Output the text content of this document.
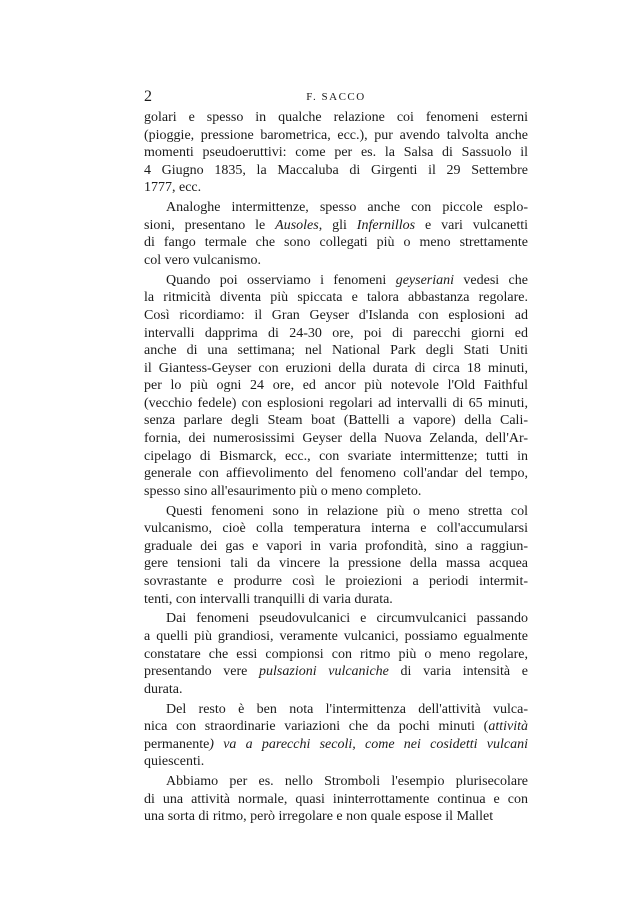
2	F. SACCO
golari e spesso in qualche relazione coi fenomeni esterni
(pioggie, pressione barometrica, ecc.), pur avendo talvolta anche
momenti pseudoeruttivi: come per es. la Salsa di Sassuolo il
4 Giugno 1835, la Maccaluba di Girgenti il 29 Settembre
1777, ecc.
Analoghe intermittenze, spesso anche con piccole esplo-
sioni, presentano le Ausoles, gli Infernillos e vari vulcanetti
di fango termale che sono collegati più o meno strettamente
col vero vulcanismo.
Quando poi osserviamo i fenomeni geyseriani vedesi che
la ritmicità diventa più spiccata e talora abbastanza regolare.
Così ricordiamo: il Gran Geyser d'Islanda con esplosioni ad
intervalli dapprima di 24-30 ore, poi di parecchi giorni ed
anche di una settimana; nel National Park degli Stati Uniti
il Giantess-Geyser con eruzioni della durata di circa 18 minuti,
per lo più ogni 24 ore, ed ancor più notevole l'Old Faithful
(vecchio fedele) con esplosioni regolari ad intervalli di 65 minuti,
senza parlare degli Steam boat (Battelli a vapore) della Cali-
fornia, dei numerosissimi Geyser della Nuova Zelanda, dell'Ar-
cipelago di Bismarck, ecc., con svariate intermittenze; tutti in
generale con affievolimento del fenomeno coll'andar del tempo,
spesso sino all'esaurimento più o meno completo.
Questi fenomeni sono in relazione più o meno stretta col
vulcanismo, cioè colla temperatura interna e coll'accumularsi
graduale dei gas e vapori in varia profondità, sino a raggiun-
gere tensioni tali da vincere la pressione della massa acquea
sovrastante e produrre così le proiezioni a periodi intermit-
tenti, con intervalli tranquilli di varia durata.
Dai fenomeni pseudovulcanici e circumvulcanici passando
a quelli più grandiosi, veramente vulcanici, possiamo egualmente
constatare che essi compionsi con ritmo più o meno regolare,
presentando vere pulsazioni vulcaniche di varia intensità e
durata.
Del resto è ben nota l'intermittenza dell'attività vulca-
nica con straordinarie variazioni che da pochi minuti (attività
permanente) va a parecchi secoli, come nei cosidetti vulcani
quiescenti.
Abbiamo per es. nello Stromboli l'esempio plurisecolare
di una attività normale, quasi ininterrottamente continua e con
una sorta di ritmo, però irregolare e non quale espose il Mallet
